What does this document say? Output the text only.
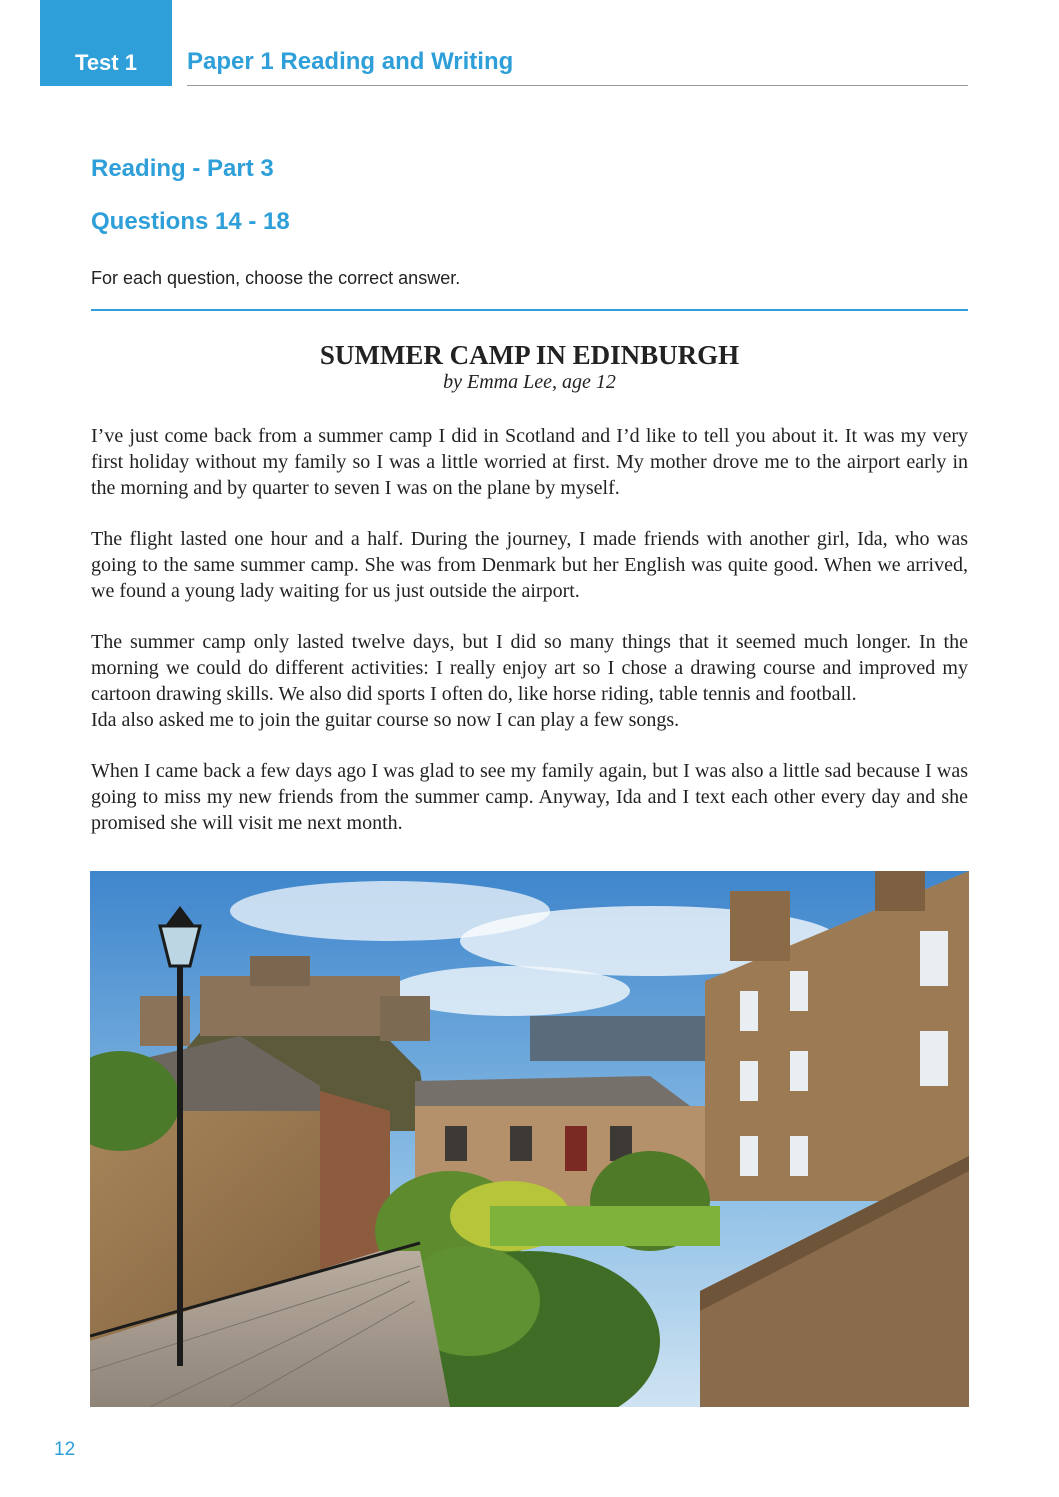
Test 1	Paper 1 Reading and Writing
Reading - Part 3
Questions 14 - 18
For each question, choose the correct answer.
SUMMER CAMP IN EDINBURGH
by Emma Lee, age 12

I’ve just come back from a summer camp I did in Scotland and I’d like to tell you about it. It was my very first holiday without my family so I was a little worried at first. My mother drove me to the airport early in the morning and by quarter to seven I was on the plane by myself.

The flight lasted one hour and a half. During the journey, I made friends with another girl, Ida, who was going to the same summer camp. She was from Denmark but her English was quite good. When we arrived, we found a young lady waiting for us just outside the airport.

The summer camp only lasted twelve days, but I did so many things that it seemed much longer. In the morning we could do different activities: I really enjoy art so I chose a drawing course and improved my cartoon drawing skills. We also did sports I often do, like horse riding, table tennis and football.

Ida also asked me to join the guitar course so now I can play a few songs.

When I came back a few days ago I was glad to see my family again, but I was also a little sad because I was going to miss my new friends from the summer camp. Anyway, Ida and I text each other every day and she promised she will visit me next month.

12
